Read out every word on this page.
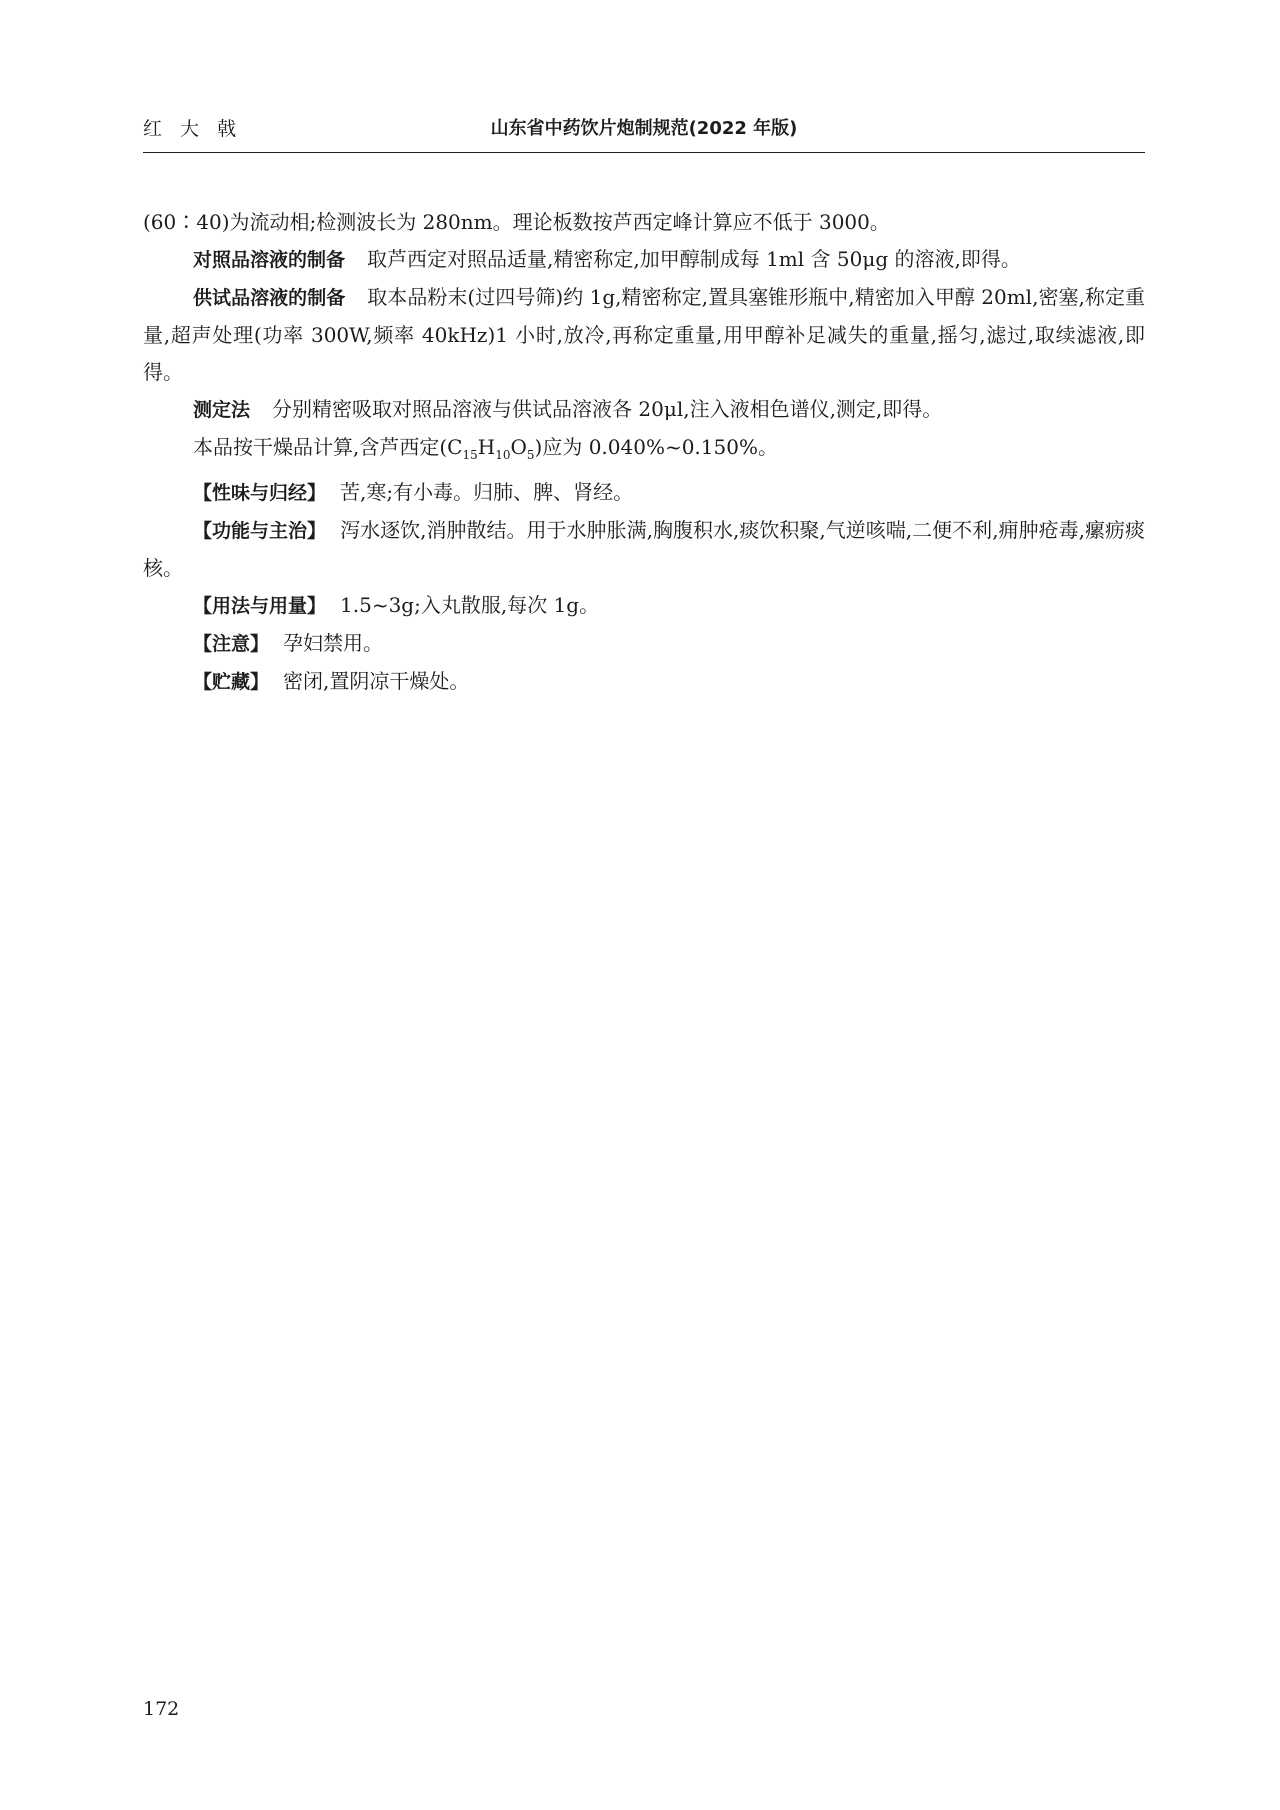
红 大 戟	山东省中药饮片炮制规范(2022 年版)

(60∶40)为流动相;检测波长为 280nm。理论板数按芦西定峰计算应不低于 3000。

对照品溶液的制备 取芦西定对照品适量,精密称定,加甲醇制成每 1ml 含 50μg 的溶液,即得。

供试品溶液的制备 取本品粉末(过四号筛)约 1g,精密称定,置具塞锥形瓶中,精密加入甲醇 20ml,密塞,称定重量,超声处理(功率 300W,频率 40kHz)1 小时,放冷,再称定重量,用甲醇补足减失的重量,摇匀,滤过,取续滤液,即得。

测定法 分别精密吸取对照品溶液与供试品溶液各 20μl,注入液相色谱仪,测定,即得。

本品按干燥品计算,含芦西定$(C_{15}H_{10}O_5)$应为 0.040%~0.150%。

【性味与归经】 苦,寒;有小毒。归肺、脾、肾经。

【功能与主治】 泻水逐饮,消肿散结。用于水肿胀满,胸腹积水,痰饮积聚,气逆咳喘,二便不利,痈肿疮毒,瘰疬痰核。

【用法与用量】 1.5~3g;入丸散服,每次 1g。

【注意】 孕妇禁用。

【贮藏】 密闭,置阴凉干燥处。

172
